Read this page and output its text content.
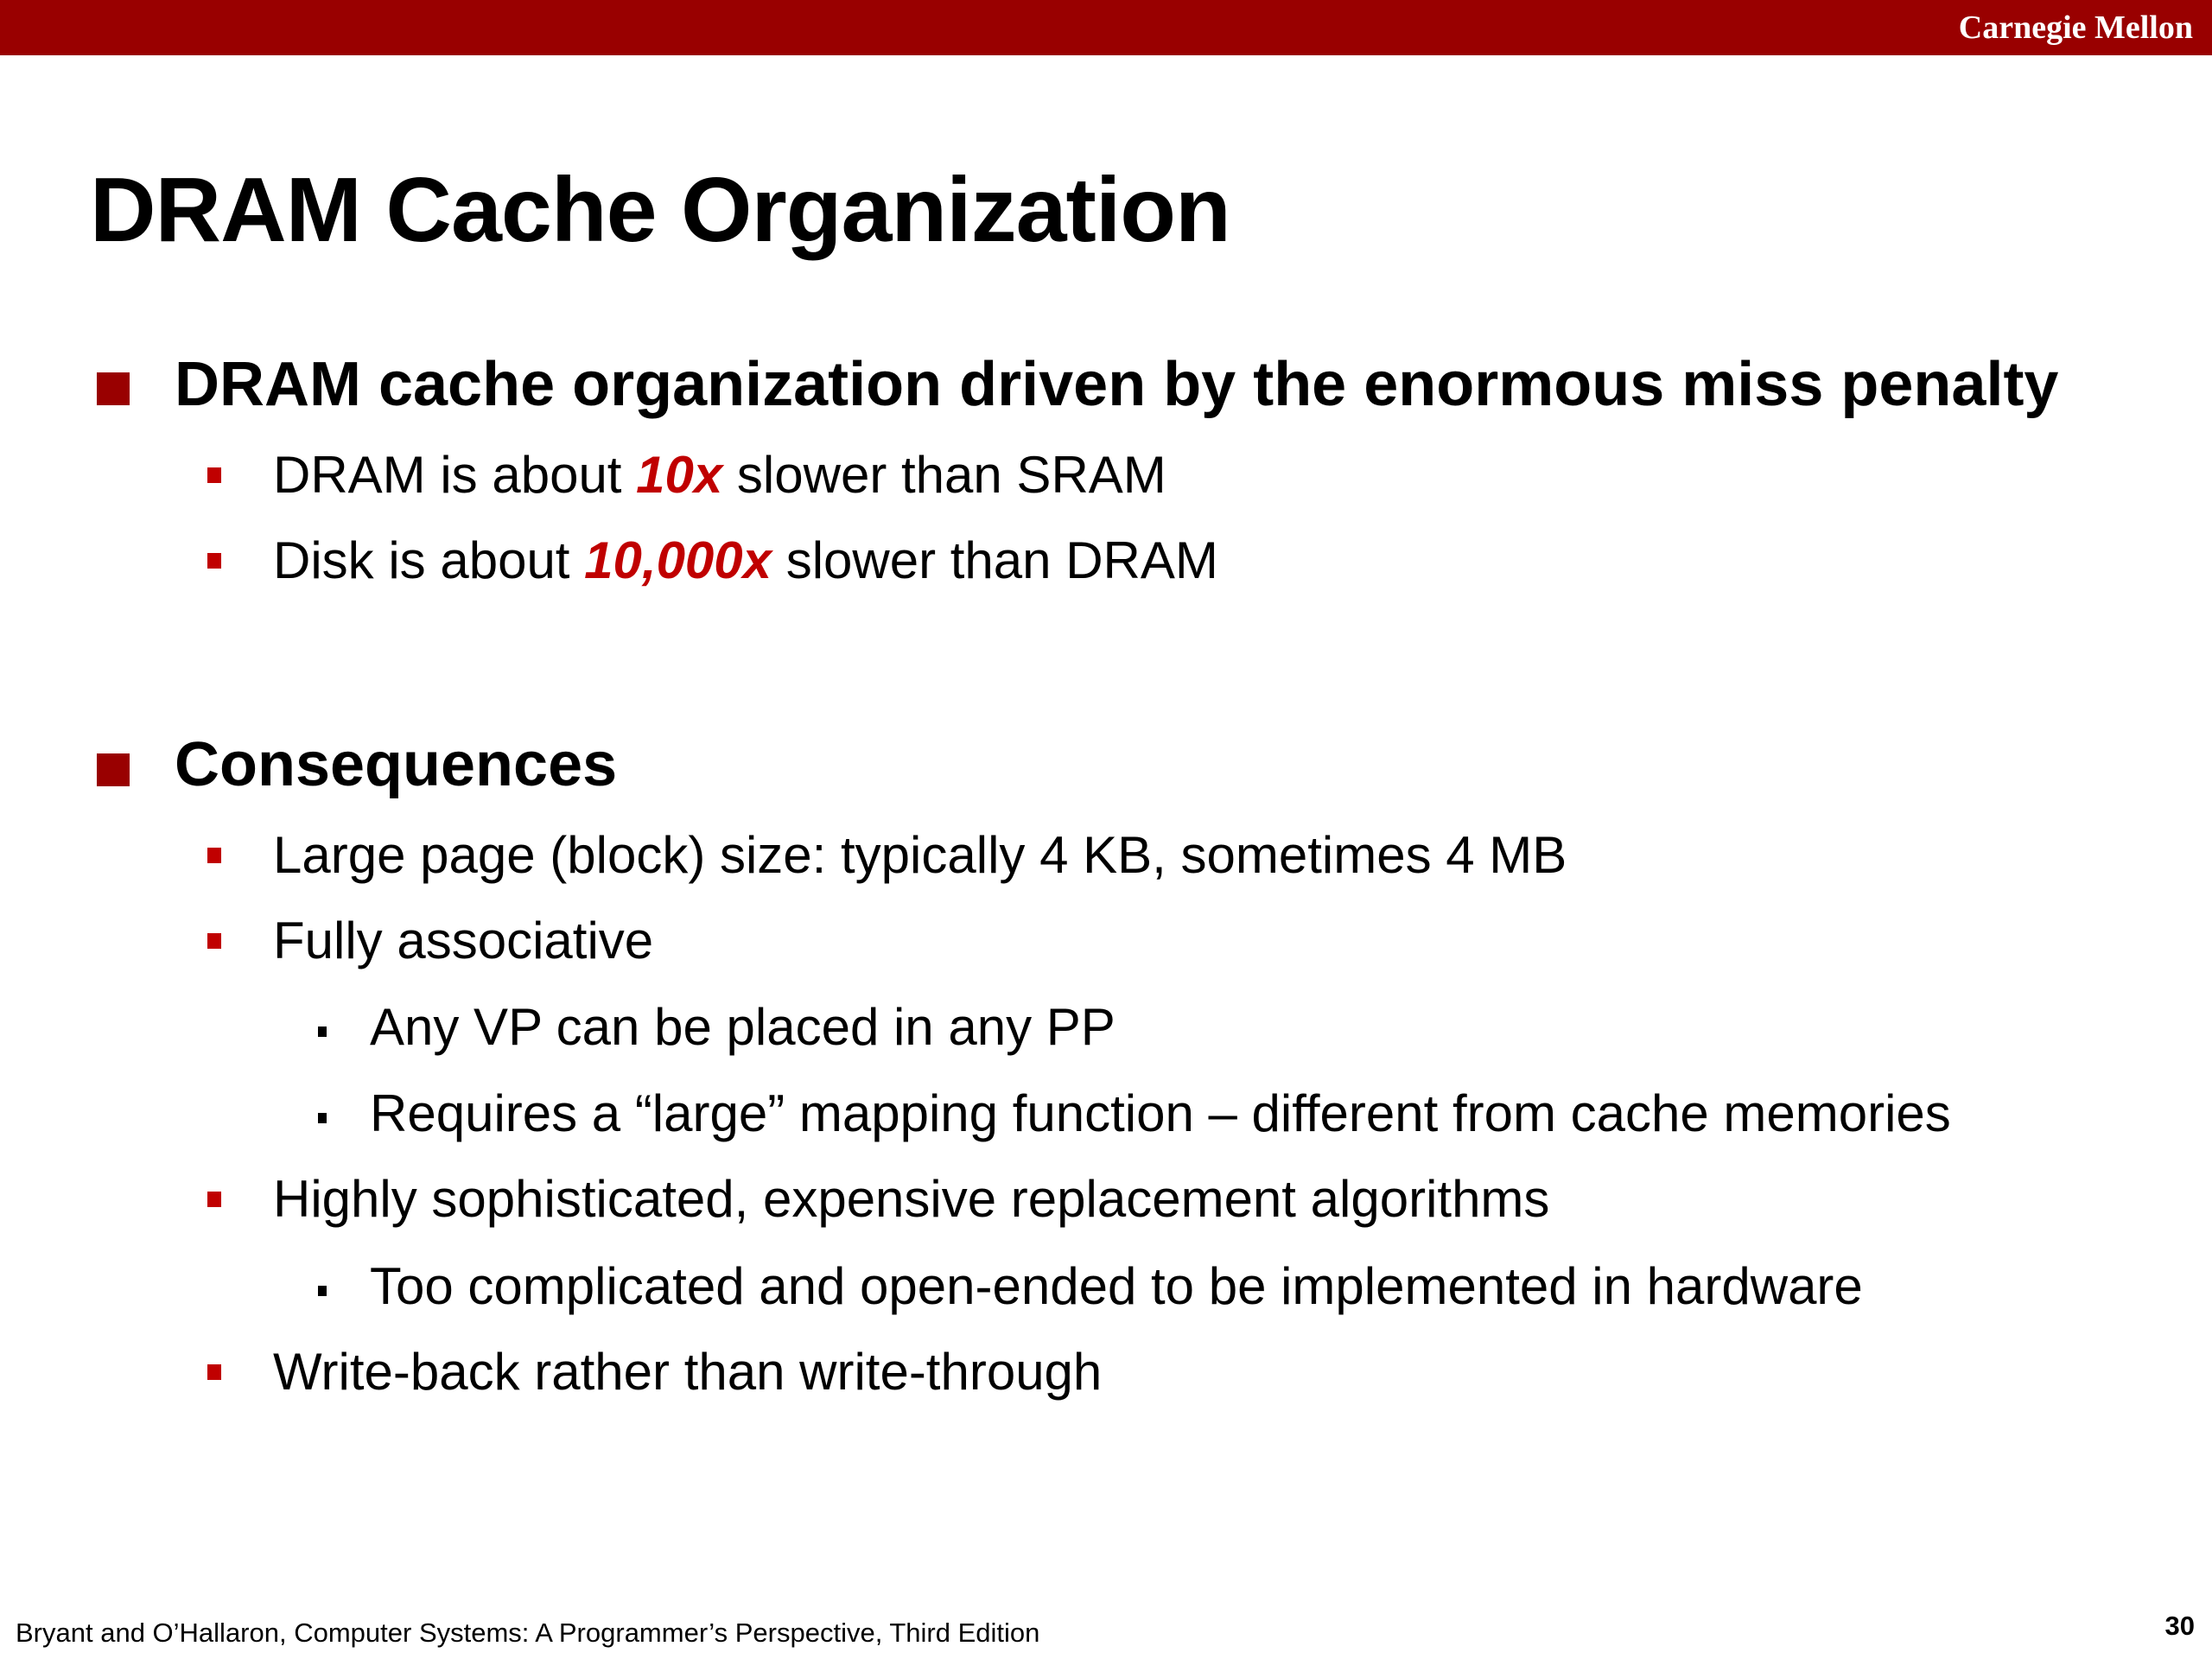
Carnegie Mellon
DRAM Cache Organization
DRAM cache organization driven by the enormous miss penalty
DRAM is about 10x slower than SRAM
Disk is about 10,000x slower than DRAM
Consequences
Large page (block) size: typically 4 KB, sometimes 4 MB
Fully associative
Any VP can be placed in any PP
Requires a “large” mapping function – different from cache memories
Highly sophisticated, expensive replacement algorithms
Too complicated and open-ended to be implemented in hardware
Write-back rather than write-through
Bryant and O’Hallaron, Computer Systems: A Programmer’s Perspective, Third Edition	30
